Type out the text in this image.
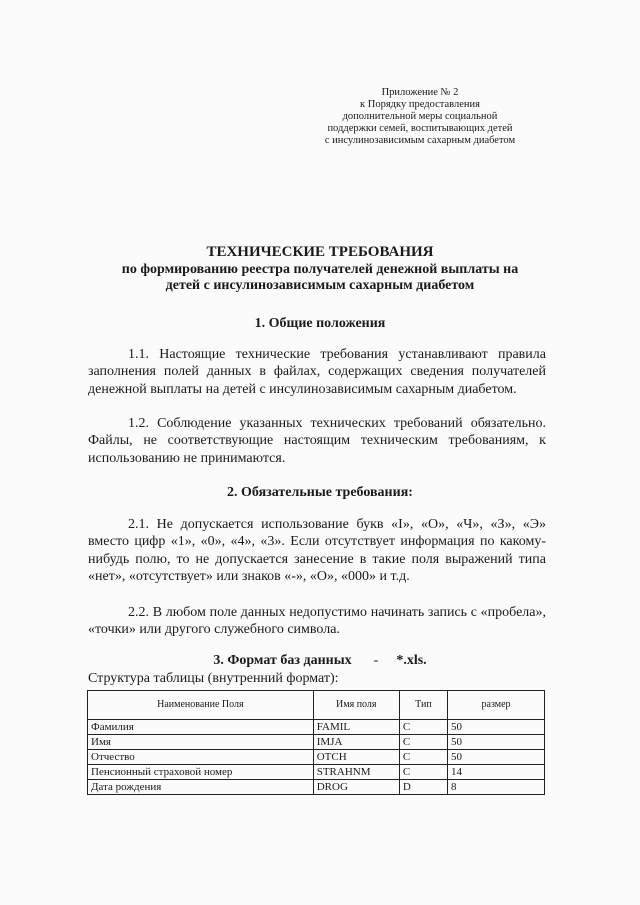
Приложение № 2
к Порядку предоставления
дополнительной меры социальной
поддержки семей, воспитывающих детей
с инсулинозависимым сахарным диабетом
ТЕХНИЧЕСКИЕ ТРЕБОВАНИЯ
по формированию реестра получателей денежной выплаты на
детей с инсулинозависимым сахарным диабетом
1. Общие положения
1.1. Настоящие технические требования устанавливают правила заполнения полей данных в файлах, содержащих сведения получателей денежной выплаты на детей с инсулинозависимым сахарным диабетом.
1.2. Соблюдение указанных технических требований обязательно. Файлы, не соответствующие настоящим техническим требованиям, к использованию не принимаются.
2. Обязательные требования:
2.1. Не допускается использование букв «I», «О», «Ч», «З», «Э» вместо цифр «1», «0», «4», «3». Если отсутствует информация по какому-нибудь полю, то не допускается занесение в такие поля выражений типа «нет», «отсутствует» или знаков «-», «О», «000» и т.д.
2.2. В любом поле данных недопустимо начинать запись с «пробела», «точки» или другого служебного символа.
3. Формат баз данных - *.xls.
Структура таблицы (внутренний формат):
Наименование Поля	Имя поля	Тип	размер
Фамилия	FAMIL	C	50
Имя	IMJA	C	50
Отчество	OTCH	C	50
Пенсионный страховой номер	STRAHNM	C	14
Дата рождения	DROG	D	8
